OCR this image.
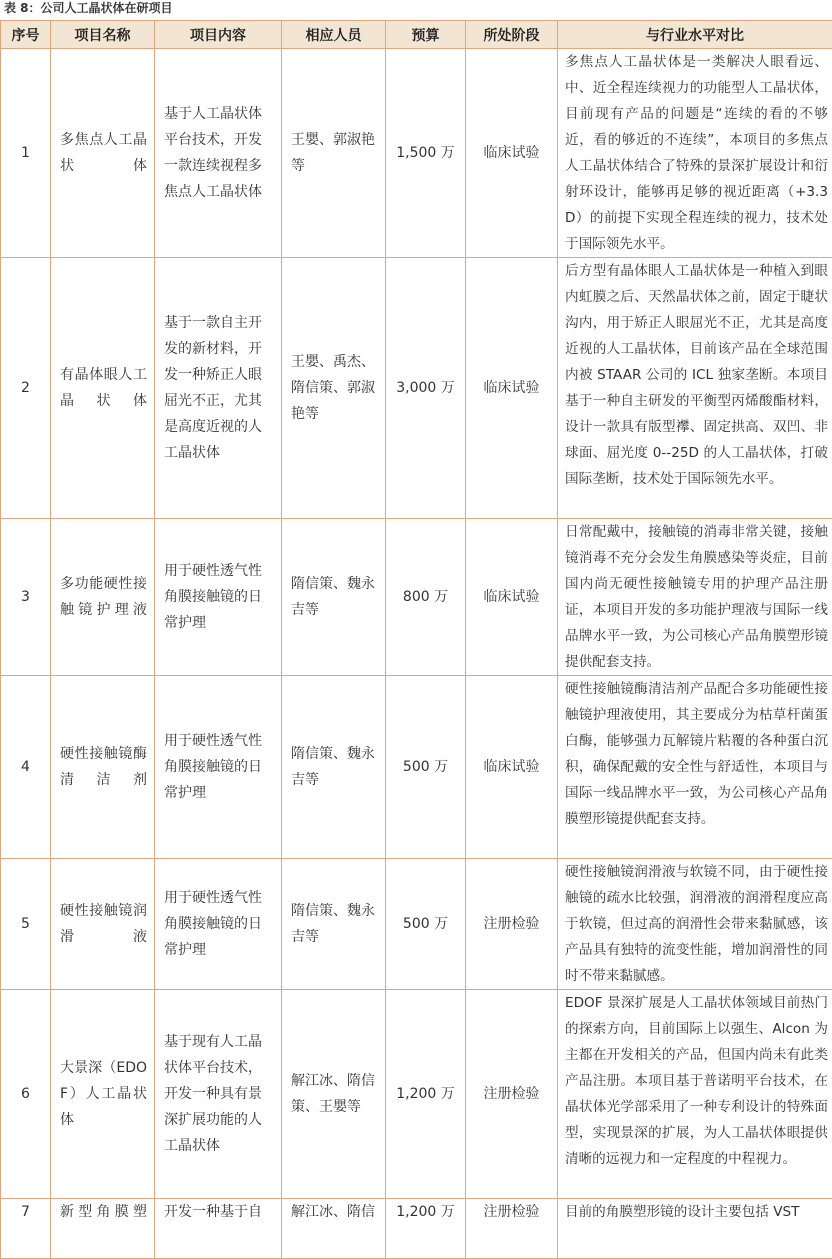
表 8：公司人工晶状体在研项目
序号	项目名称	项目内容	相应人员	预算	所处阶段	与行业水平对比
1	多焦点人工晶状体	基于人工晶状体平台技术，开发一款连续视程多焦点人工晶状体	王嬰、郭淑艳等	1,500 万	临床试验	多焦点人工晶状体是一类解决人眼看远、中、近全程连续视力的功能型人工晶状体，目前现有产品的问题是“连续的看的不够近，看的够近的不连续”，本项目的多焦点人工晶状体结合了特殊的景深扩展设计和衍射环设计，能够再足够的视近距离（+3.3D）的前提下实现全程连续的视力，技术处于国际领先水平。
2	有晶体眼人工晶状体	基于一款自主开发的新材料，开发一种矫正人眼屈光不正，尤其是高度近视的人工晶状体	王嬰、禹杰、隋信策、郭淑艳等	3,000 万	临床试验	后方型有晶体眼人工晶状体是一种植入到眼内虹膜之后、天然晶状体之前，固定于睫状沟内，用于矫正人眼屈光不正，尤其是高度近视的人工晶状体，目前该产品在全球范围内被 STAAR 公司的 ICL 独家垄断。本项目基于一种自主研发的平衡型丙烯酸酯材料，设计一款具有版型襻、固定拱高、双凹、非球面、屈光度 0--25D 的人工晶状体，打破国际垄断，技术处于国际领先水平。
3	多功能硬性接触镜护理液	用于硬性透气性角膜接触镜的日常护理	隋信策、魏永吉等	800 万	临床试验	日常配戴中，接触镜的消毒非常关键，接触镜消毒不充分会发生角膜感染等炎症，目前国内尚无硬性接触镜专用的护理产品注册证，本项目开发的多功能护理液与国际一线品牌水平一致，为公司核心产品角膜塑形镜提供配套支持。
4	硬性接触镜酶清洁剂	用于硬性透气性角膜接触镜的日常护理	隋信策、魏永吉等	500 万	临床试验	硬性接触镜酶清洁剂产品配合多功能硬性接触镜护理液使用，其主要成分为枯草杆菌蛋白酶，能够强力瓦解镜片粘覆的各种蛋白沉积，确保配戴的安全性与舒适性，本项目与国际一线品牌水平一致，为公司核心产品角膜塑形镜提供配套支持。
5	硬性接触镜润滑液	用于硬性透气性角膜接触镜的日常护理	隋信策、魏永吉等	500 万	注册检验	硬性接触镜润滑液与软镜不同，由于硬性接触镜的疏水比较强，润滑液的润滑程度应高于软镜，但过高的润滑性会带来黏腻感，该产品具有独特的流变性能，增加润滑性的同时不带来黏腻感。
6	大景深（EDOF）人工晶状体	基于现有人工晶状体平台技术，开发一种具有景深扩展功能的人工晶状体	解江冰、隋信策、王嬰等	1,200 万	注册检验	EDOF 景深扩展是人工晶状体领域目前热门的探索方向，目前国际上以强生、Alcon 为主都在开发相关的产品，但国内尚未有此类产品注册。本项目基于普诺明平台技术，在晶状体光学部采用了一种专利设计的特殊面型，实现景深的扩展，为人工晶状体眼提供清晰的远视力和一定程度的中程视力。
7	新型角膜塑	开发一种基于自	解江冰、隋信	1,200 万	注册检验	目前的角膜塑形镜的设计主要包括 VST
